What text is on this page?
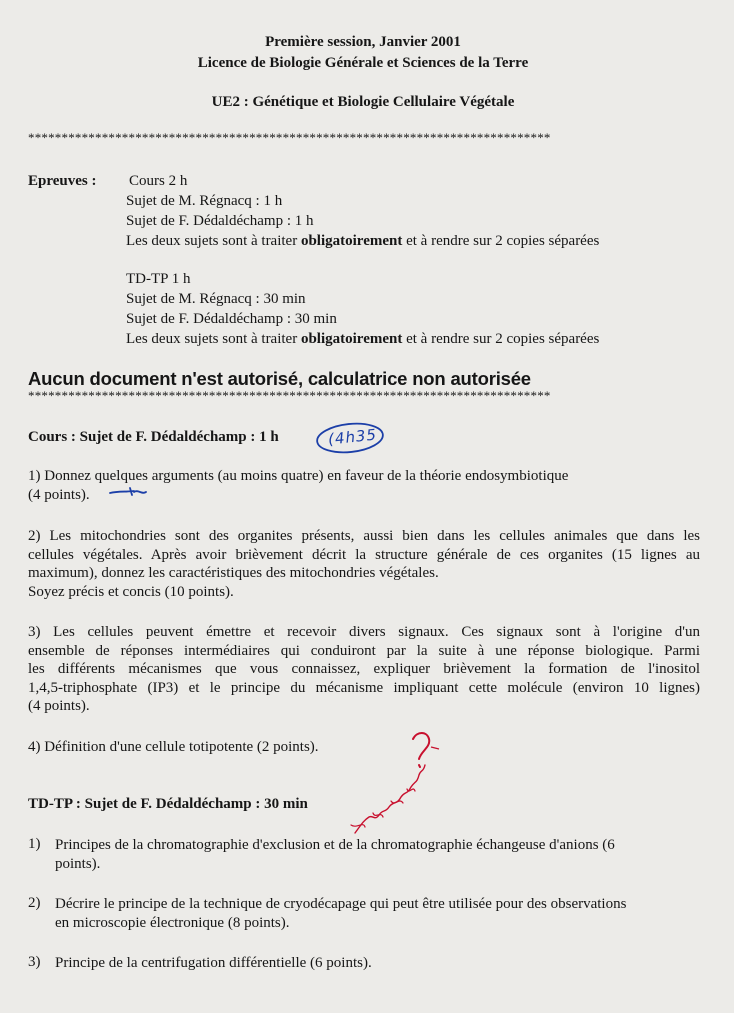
Première session, Janvier 2001
Licence de Biologie Générale et Sciences de la Terre
UE2 : Génétique et Biologie Cellulaire Végétale
******************************************************************************
Epreuves : Cours 2 h
Sujet de M. Régnacq : 1 h
Sujet de F. Dédaldéchamp : 1 h
Les deux sujets sont à traiter obligatoirement et à rendre sur 2 copies séparées
TD-TP 1 h
Sujet de M. Régnacq : 30 min
Sujet de F. Dédaldéchamp : 30 min
Les deux sujets sont à traiter obligatoirement et à rendre sur 2 copies séparées
Aucun document n'est autorisé, calculatrice non autorisée
******************************************************************************
Cours : Sujet de F. Dédaldéchamp : 1 h	(4h35
1) Donnez quelques arguments (au moins quatre) en faveur de la théorie endosymbiotique
(4 points).
2) Les mitochondries sont des organites présents, aussi bien dans les cellules animales que dans les
cellules végétales. Après avoir brièvement décrit la structure générale de ces organites (15 lignes au
maximum), donnez les caractéristiques des mitochondries végétales.
Soyez précis et concis (10 points).
3) Les cellules peuvent émettre et recevoir divers signaux. Ces signaux sont à l'origine d'un
ensemble de réponses intermédiaires qui conduiront par la suite à une réponse biologique. Parmi
les différents mécanismes que vous connaissez, expliquer brièvement la formation de l'inositol
1,4,5-triphosphate (IP3) et le principe du mécanisme impliquant cette molécule (environ 10 lignes)
(4 points).
4) Définition d'une cellule totipotente (2 points).
TD-TP : Sujet de F. Dédaldéchamp : 30 min
1) Principes de la chromatographie d'exclusion et de la chromatographie échangeuse d'anions (6
points).
2) Décrire le principe de la technique de cryodécapage qui peut être utilisée pour des observations
en microscopie électronique (8 points).
3) Principe de la centrifugation différentielle (6 points).
